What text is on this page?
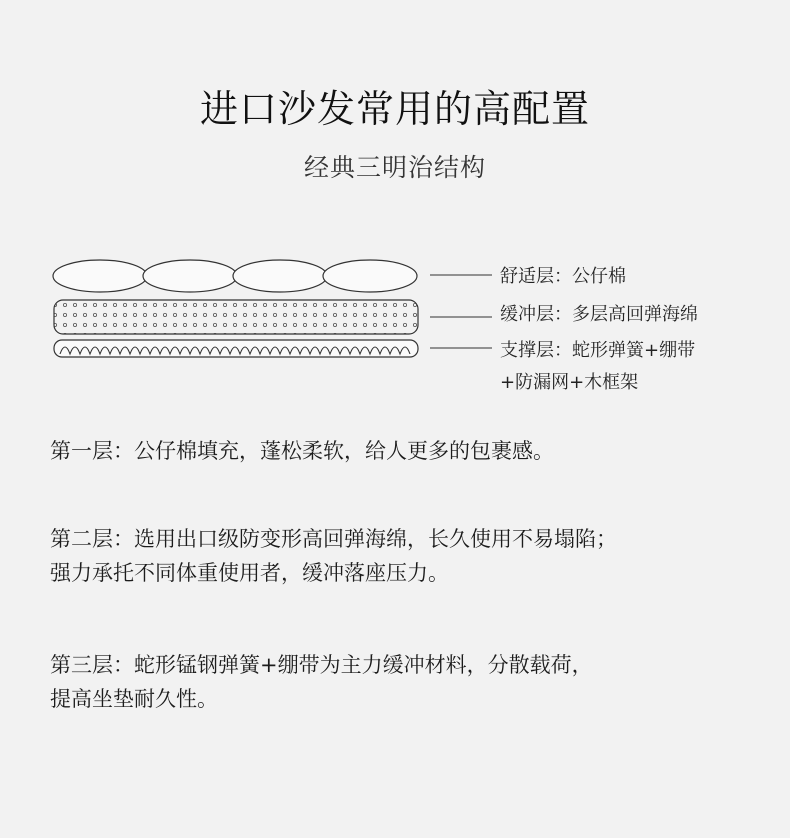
进口沙发常用的高配置
经典三明治结构
舒适层：公仔棉
缓冲层：多层高回弹海绵
支撑层：蛇形弹簧+绷带
+防漏网+木框架
第一层：公仔棉填充，蓬松柔软，给人更多的包裹感。
第二层：选用出口级防变形高回弹海绵，长久使用不易塌陷；
强力承托不同体重使用者，缓冲落座压力。
第三层：蛇形锰钢弹簧+绷带为主力缓冲材料，分散载荷，
提高坐垫耐久性。
